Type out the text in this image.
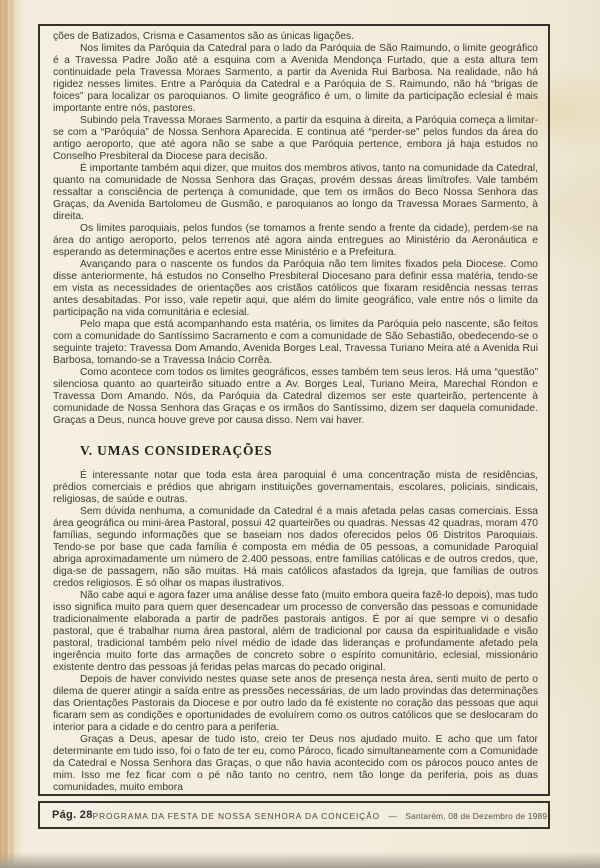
ções de Batizados, Crisma e Casamentos são as únicas ligações.

Nos limites da Paróquia da Catedral para o lado da Paróquia de São Raimundo, o limite geográfico é a Travessa Padre João até a esquina com a Avenida Mendonça Furtado, que a esta altura tem continuidade pela Travessa Moraes Sarmento, a partir da Avenida Rui Barbosa. Na realidade, não há rigidez nesses limites. Entre a Paróquia da Catedral e a Paróquia de S. Raimundo, não há “brigas de foices” para localizar os paroquianos. O limite geográfico é um, o limite da participação eclesial é mais importante entre nós, pastores.

Subindo pela Travessa Moraes Sarmento, a partir da esquina à direita, a Paróquia começa a limitar-se com a “Paróquia” de Nossa Senhora Aparecida. E continua até “perder-se” pelos fundos da área do antigo aeroporto, que até agora não se sabe a que Paróquia pertence, embora já haja estudos no Conselho Presbiteral da Diocese para decisão.

É importante também aqui dizer, que muitos dos membros ativos, tanto na comunidade da Catedral, quanto na comunidade de Nossa Senhora das Graças, provém dessas áreas limítrofes. Vale também ressaltar a consciência de pertença à comunidade, que tem os irmãos do Beco Nossa Senhora das Graças, da Avenida Bartolomeu de Gusmão, e paroquianos ao longo da Travessa Moraes Sarmento, à direita.

Os limites paroquiais, pelos fundos (se tomamos a frente sendo a frente da cidade), perdem-se na área do antigo aeroporto, pelos terrenos até agora ainda entregues ao Ministério da Aeronáutica e esperando as determinações e acertos entre esse Ministério e a Prefeitura.

Avançando para o nascente os fundos da Paróquia não tem limites fixados pela Diocese. Como disse anteriormente, há estudos no Conselho Presbiteral Diocesano para definir essa matéria, tendo-se em vista as necessidades de orientações aos cristãos católicos que fixaram residência nessas terras antes desabitadas. Por isso, vale repetir aqui, que além do limite geográfico, vale entre nós o limite da participação na vida comunitária e eclesial.

Pelo mapa que está acompanhando esta matéria, os limites da Paróquia pelo nascente, são feitos com a comunidade do Santíssimo Sacramento e com a comunidade de São Sebastião, obedecendo-se o seguinte trajeto: Travessa Dom Amando, Avenida Borges Leal, Travessa Turiano Meira até a Avenida Rui Barbosa, tomando-se a Travessa Inácio Corrêa.

Como acontece com todos os limites geográficos, esses também tem seus leros. Há uma “questão” silenciosa quanto ao quarteirão situado entre a Av. Borges Leal, Turiano Meira, Marechal Rondon e Travessa Dom Amando. Nós, da Paróquia da Catedral dizemos ser este quarteirão, pertencente à comunidade de Nossa Senhora das Graças e os irmãos do Santíssimo, dizem ser daquela comunidade. Graças a Deus, nunca houve greve por causa disso. Nem vai haver.

V. UMAS CONSIDERAÇÕES

É interessante notar que toda esta área paroquial é uma concentração mista de residências, prédios comerciais e prédios que abrigam instituições governamentais, escolares, policiais, sindicais, religiosas, de saúde e outras.

Sem dúvida nenhuma, a comunidade da Catedral é a mais afetada pelas casas comerciais. Essa área geográfica ou mini-área Pastoral, possui 42 quarteirões ou quadras. Nessas 42 quadras, moram 470 famílias, segundo informações que se baseiam nos dados oferecidos pelos 06 Distritos Paroquiais. Tendo-se por base que cada família é composta em média de 05 pessoas, a comunidade Paroquial abriga aproximadamente um número de 2.400 pessoas, entre famílias católicas e de outros credos, que, diga-se de passagem, não são muitas. Há mais católicos afastados da Igreja, que famílias de outros credos religiosos. É só olhar os mapas ilustrativos.

Não cabe aqui e agora fazer uma análise desse fato (muito embora queira fazê-lo depois), mas tudo isso significa muito para quem quer desencadear um processo de conversão das pessoas e comunidade tradicionalmente elaborada a partir de padrões pastorais antigos. É por aí que sempre vi o desafio pastoral, que é trabalhar numa área pastoral, além de tradicional por causa da espiritualidade e visão pastoral, tradicional também pelo nível médio de idade das lideranças e profundamente afetado pela ingerência muito forte das armações de concreto sobre o espírito comunitário, eclesial, missionário existente dentro das pessoas já feridas pelas marcas do pecado original.

Depois de haver convivido nestes quase sete anos de presença nesta área, senti muito de perto o dilema de querer atingir a saída entre as pressões necessárias, de um lado provindas das determinações das Orientações Pastorais da Diocese e por outro lado da fé existente no coração das pessoas que aqui ficaram sem as condições e oportunidades de evoluírem como os outros católicos que se deslocaram do interior para a cidade e do centro para a periferia.

Graças a Deus, apesar de tudo isto, creio ter Deus nos ajudado muito. E acho que um fator determinante em tudo isso, foi o fato de ter eu, como Pároco, ficado simultaneamente com a Comunidade da Catedral e Nossa Senhora das Graças, o que não havia acontecido com os párocos pouco antes de mim. Isso me fez ficar com o pé não tanto no centro, nem tão longe da periferia, pois as duas comunidades, muito embora

Pág. 28 PROGRAMA DA FESTA DE NOSSA SENHORA DA CONCEIÇÃO — Santarém, 08 de Dezembro de 1989
